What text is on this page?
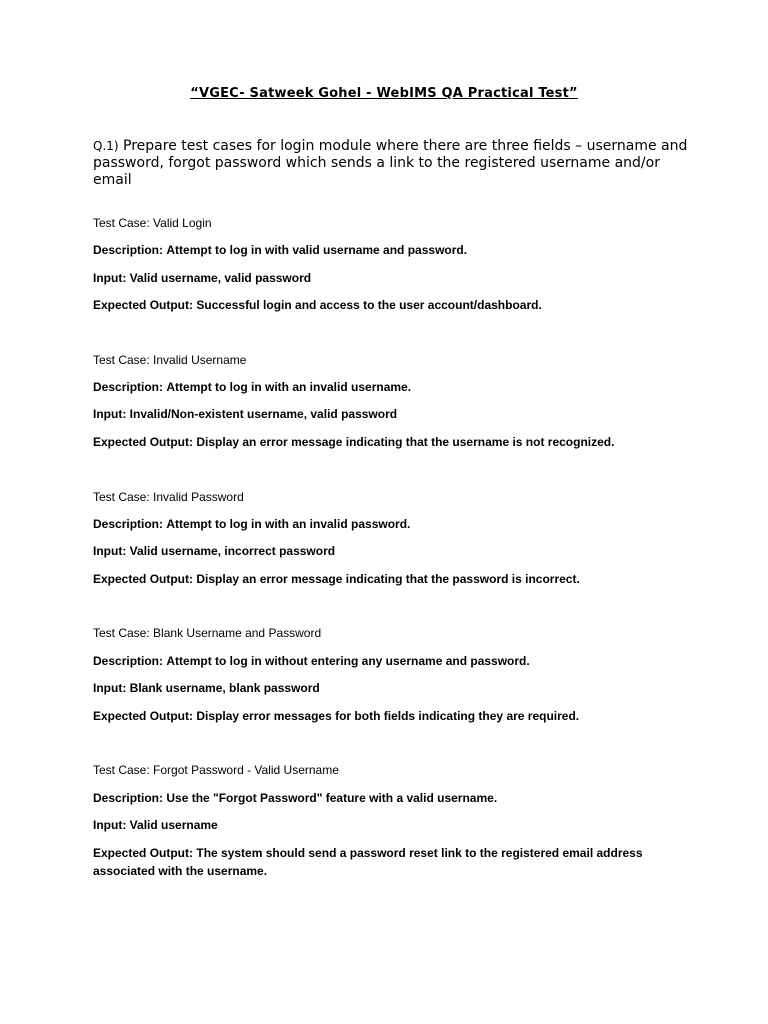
“VGEC- Satweek Gohel - WebIMS QA Practical Test”
Q.1) Prepare test cases for login module where there are three fields – username and password, forgot password which sends a link to the registered username and/or email
Test Case: Valid Login
Description: Attempt to log in with valid username and password.
Input: Valid username, valid password
Expected Output: Successful login and access to the user account/dashboard.
Test Case: Invalid Username
Description: Attempt to log in with an invalid username.
Input: Invalid/Non-existent username, valid password
Expected Output: Display an error message indicating that the username is not recognized.
Test Case: Invalid Password
Description: Attempt to log in with an invalid password.
Input: Valid username, incorrect password
Expected Output: Display an error message indicating that the password is incorrect.
Test Case: Blank Username and Password
Description: Attempt to log in without entering any username and password.
Input: Blank username, blank password
Expected Output: Display error messages for both fields indicating they are required.
Test Case: Forgot Password - Valid Username
Description: Use the "Forgot Password" feature with a valid username.
Input: Valid username
Expected Output: The system should send a password reset link to the registered email address associated with the username.
